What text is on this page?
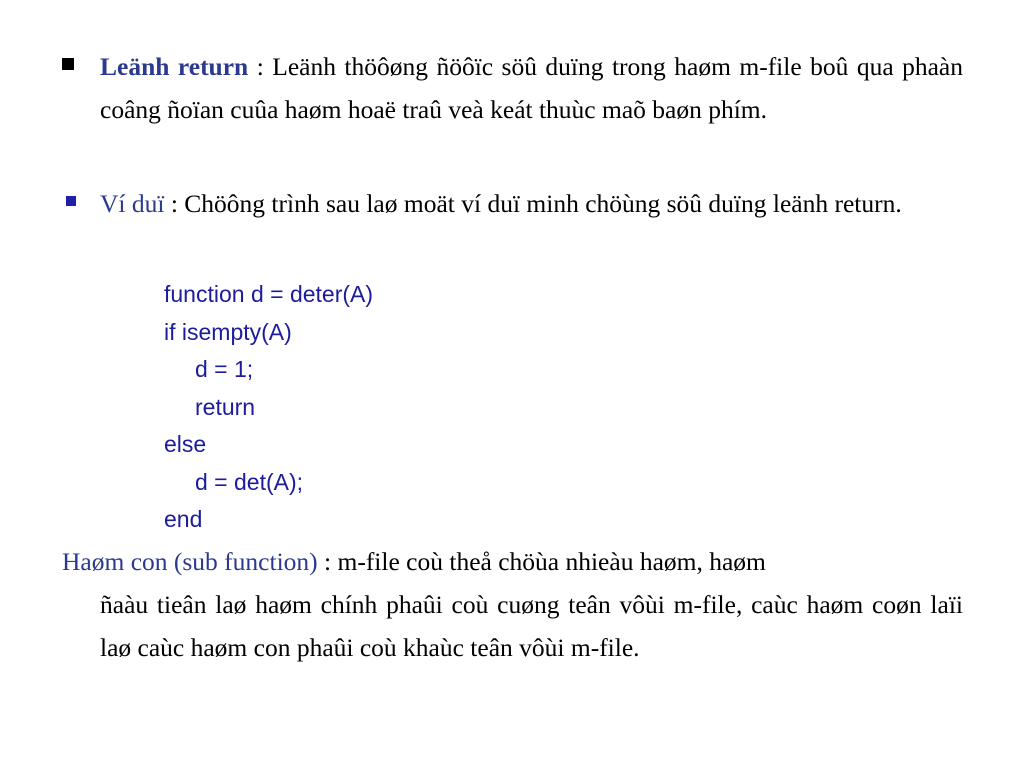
Leänh return : Leänh thöôøng ñöôïc söû duïng trong haøm m-file boû qua phaàn coâng ñoïan cuûa haøm hoaë traû veà keát thuùc maõ baøn phím.
Ví duï : Chöông trình sau laø moät ví duï minh chöùng söû duïng leänh return.
function d = deter(A)
if isempty(A)
d = 1;
return
else
d = det(A);
end
Haøm con (sub function) : m-file coù theå chöùa nhieàu haøm, haøm
ñaàu tieân laø haøm chính phaûi coù cuøng teân vôùi m-file, caùc haøm coøn laïi laø caùc haøm con phaûi coù khaùc teân vôùi m-file.
